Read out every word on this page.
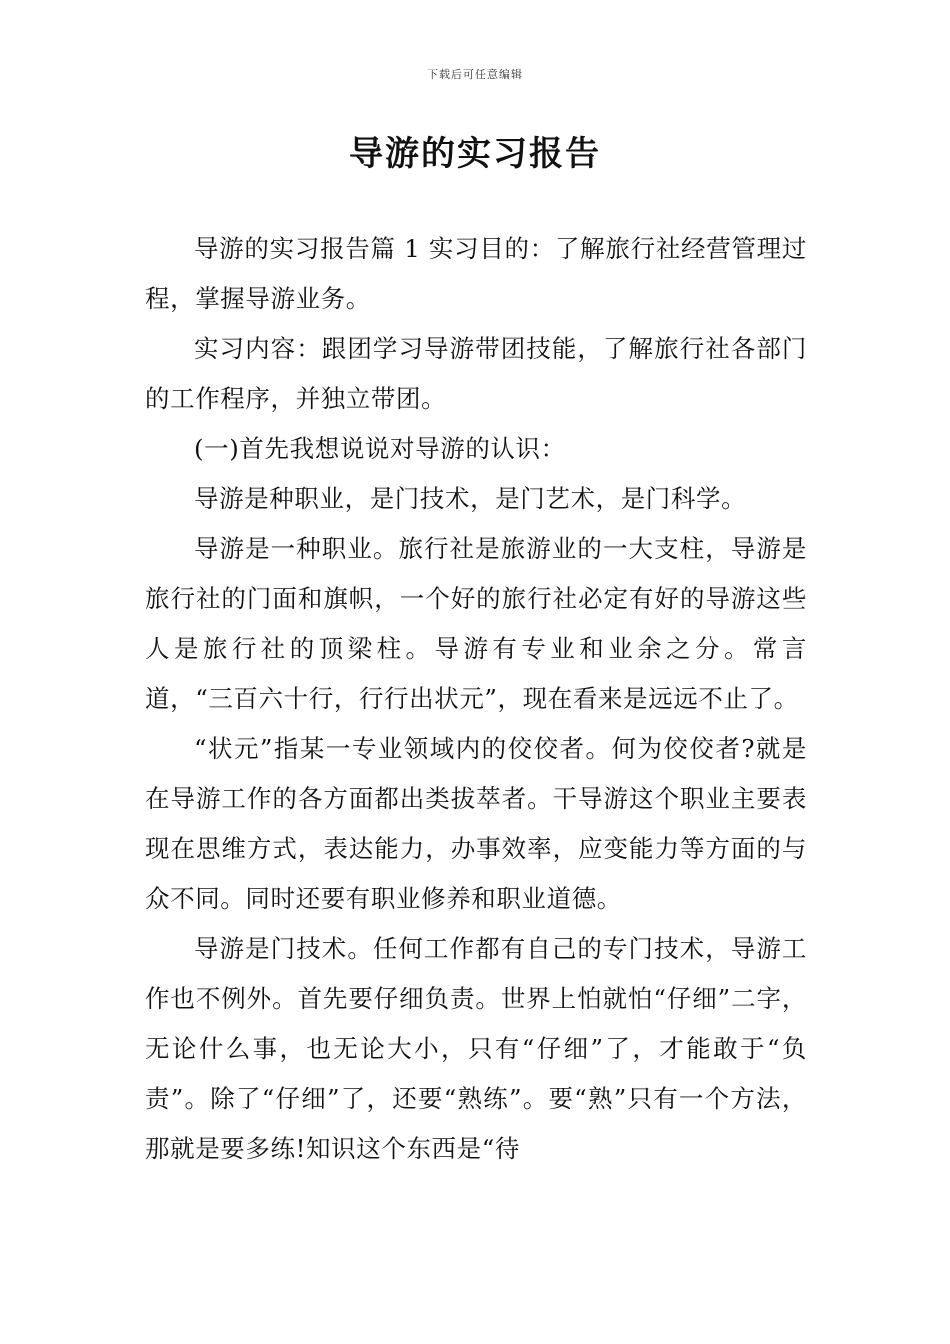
下载后可任意编辑
导游的实习报告

导游的实习报告篇 1 实习目的：了解旅行社经营管理过程，掌握导游业务。

实习内容：跟团学习导游带团技能，了解旅行社各部门的工作程序，并独立带团。

(一)首先我想说说对导游的认识：

导游是种职业，是门技术，是门艺术，是门科学。

导游是一种职业。旅行社是旅游业的一大支柱，导游是旅行社的门面和旗帜，一个好的旅行社必定有好的导游这些人是旅行社的顶梁柱。导游有专业和业余之分。常言道，“三百六十行，行行出状元”，现在看来是远远不止了。

“状元”指某一专业领域内的佼佼者。何为佼佼者?就是在导游工作的各方面都出类拔萃者。干导游这个职业主要表现在思维方式，表达能力，办事效率，应变能力等方面的与众不同。同时还要有职业修养和职业道德。

导游是门技术。任何工作都有自己的专门技术，导游工作也不例外。首先要仔细负责。世界上怕就怕“仔细”二字，无论什么事，也无论大小，只有“仔细”了，才能敢于“负责”。除了“仔细”了，还要“熟练”。要“熟”只有一个方法，那就是要多练!知识这个东西是“待
